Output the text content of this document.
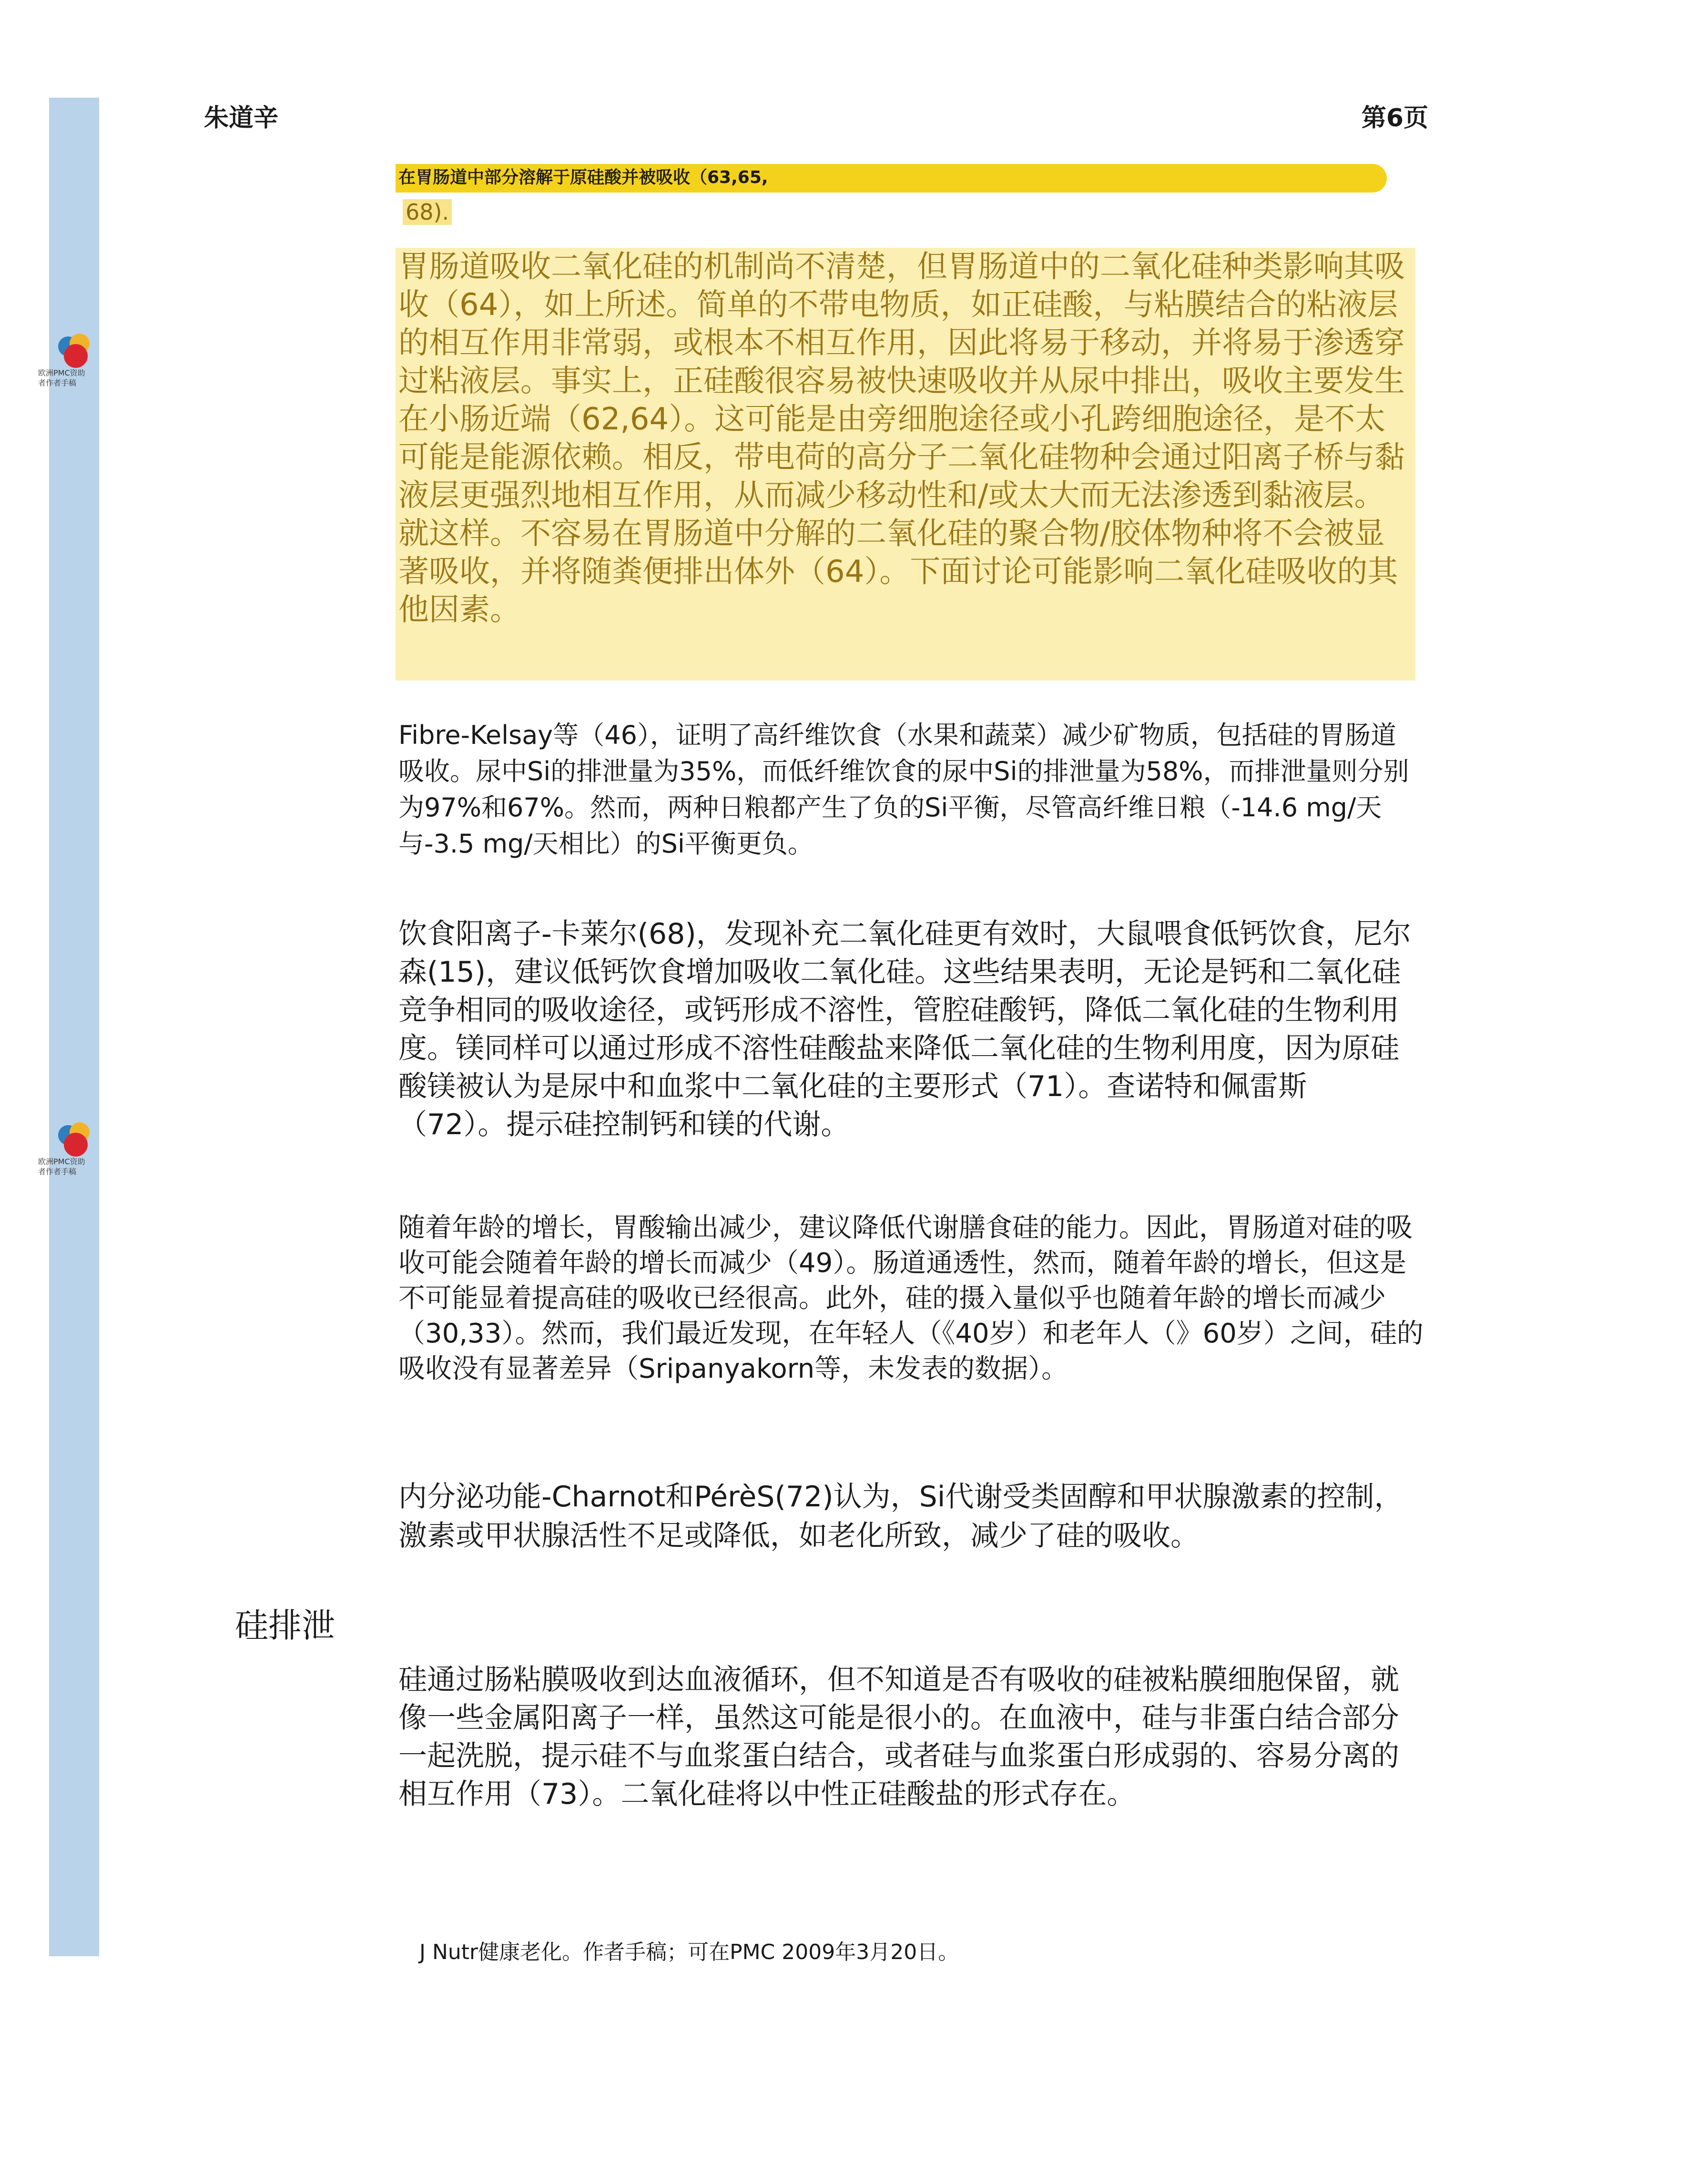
欧洲PMC资助者作者手稿
欧洲PMC资助者作者手稿
朱道辛	第6页
在胃肠道中部分溶解于原硅酸并被吸收（63,65,
68).

胃肠道吸收二氧化硅的机制尚不清楚，但胃肠道中的二氧化硅种类影响其吸收（64），如上所述。简单的不带电物质，如正硅酸，与粘膜结合的粘液层的相互作用非常弱，或根本不相互作用，因此将易于移动，并将易于渗透穿过粘液层。事实上，正硅酸很容易被快速吸收并从尿中排出，吸收主要发生在小肠近端（62,64）。这可能是由旁细胞途径或小孔跨细胞途径，是不太可能是能源依赖。相反，带电荷的高分子二氧化硅物种会通过阳离子桥与黏液层更强烈地相互作用，从而减少移动性和/或太大而无法渗透到黏液层。就这样。不容易在胃肠道中分解的二氧化硅的聚合物/胶体物种将不会被显著吸收，并将随粪便排出体外（64）。下面讨论可能影响二氧化硅吸收的其他因素。

Fibre-Kelsay等（46），证明了高纤维饮食（水果和蔬菜）减少矿物质，包括硅的胃肠道吸收。尿中Si的排泄量为35%，而低纤维饮食的尿中Si的排泄量为58%，而排泄量则分别为97%和67%。然而，两种日粮都产生了负的Si平衡，尽管高纤维日粮（-14.6 mg/天与-3.5 mg/天相比）的Si平衡更负。

饮食阳离子-卡莱尔(68)，发现补充二氧化硅更有效时，大鼠喂食低钙饮食，尼尔森(15)，建议低钙饮食增加吸收二氧化硅。这些结果表明，无论是钙和二氧化硅竞争相同的吸收途径，或钙形成不溶性，管腔硅酸钙，降低二氧化硅的生物利用度。镁同样可以通过形成不溶性硅酸盐来降低二氧化硅的生物利用度，因为原硅酸镁被认为是尿中和血浆中二氧化硅的主要形式（71）。查诺特和佩雷斯（72）。提示硅控制钙和镁的代谢。

随着年龄的增长，胃酸输出减少，建议降低代谢膳食硅的能力。因此，胃肠道对硅的吸收可能会随着年龄的增长而减少（49）。肠道通透性，然而，随着年龄的增长，但这是不可能显着提高硅的吸收已经很高。此外，硅的摄入量似乎也随着年龄的增长而减少（30,33）。然而，我们最近发现，在年轻人（《40岁）和老年人（》60岁）之间，硅的吸收没有显著差异（Sripanyakorn等，未发表的数据）。

内分泌功能-Charnot和PérèS(72)认为，Si代谢受类固醇和甲状腺激素的控制，激素或甲状腺活性不足或降低，如老化所致，减少了硅的吸收。

硅排泄

硅通过肠粘膜吸收到达血液循环，但不知道是否有吸收的硅被粘膜细胞保留，就像一些金属阳离子一样，虽然这可能是很小的。在血液中，硅与非蛋白结合部分一起洗脱，提示硅不与血浆蛋白结合，或者硅与血浆蛋白形成弱的、容易分离的相互作用（73）。二氧化硅将以中性正硅酸盐的形式存在。

J Nutr健康老化。作者手稿；可在PMC 2009年3月20日。
